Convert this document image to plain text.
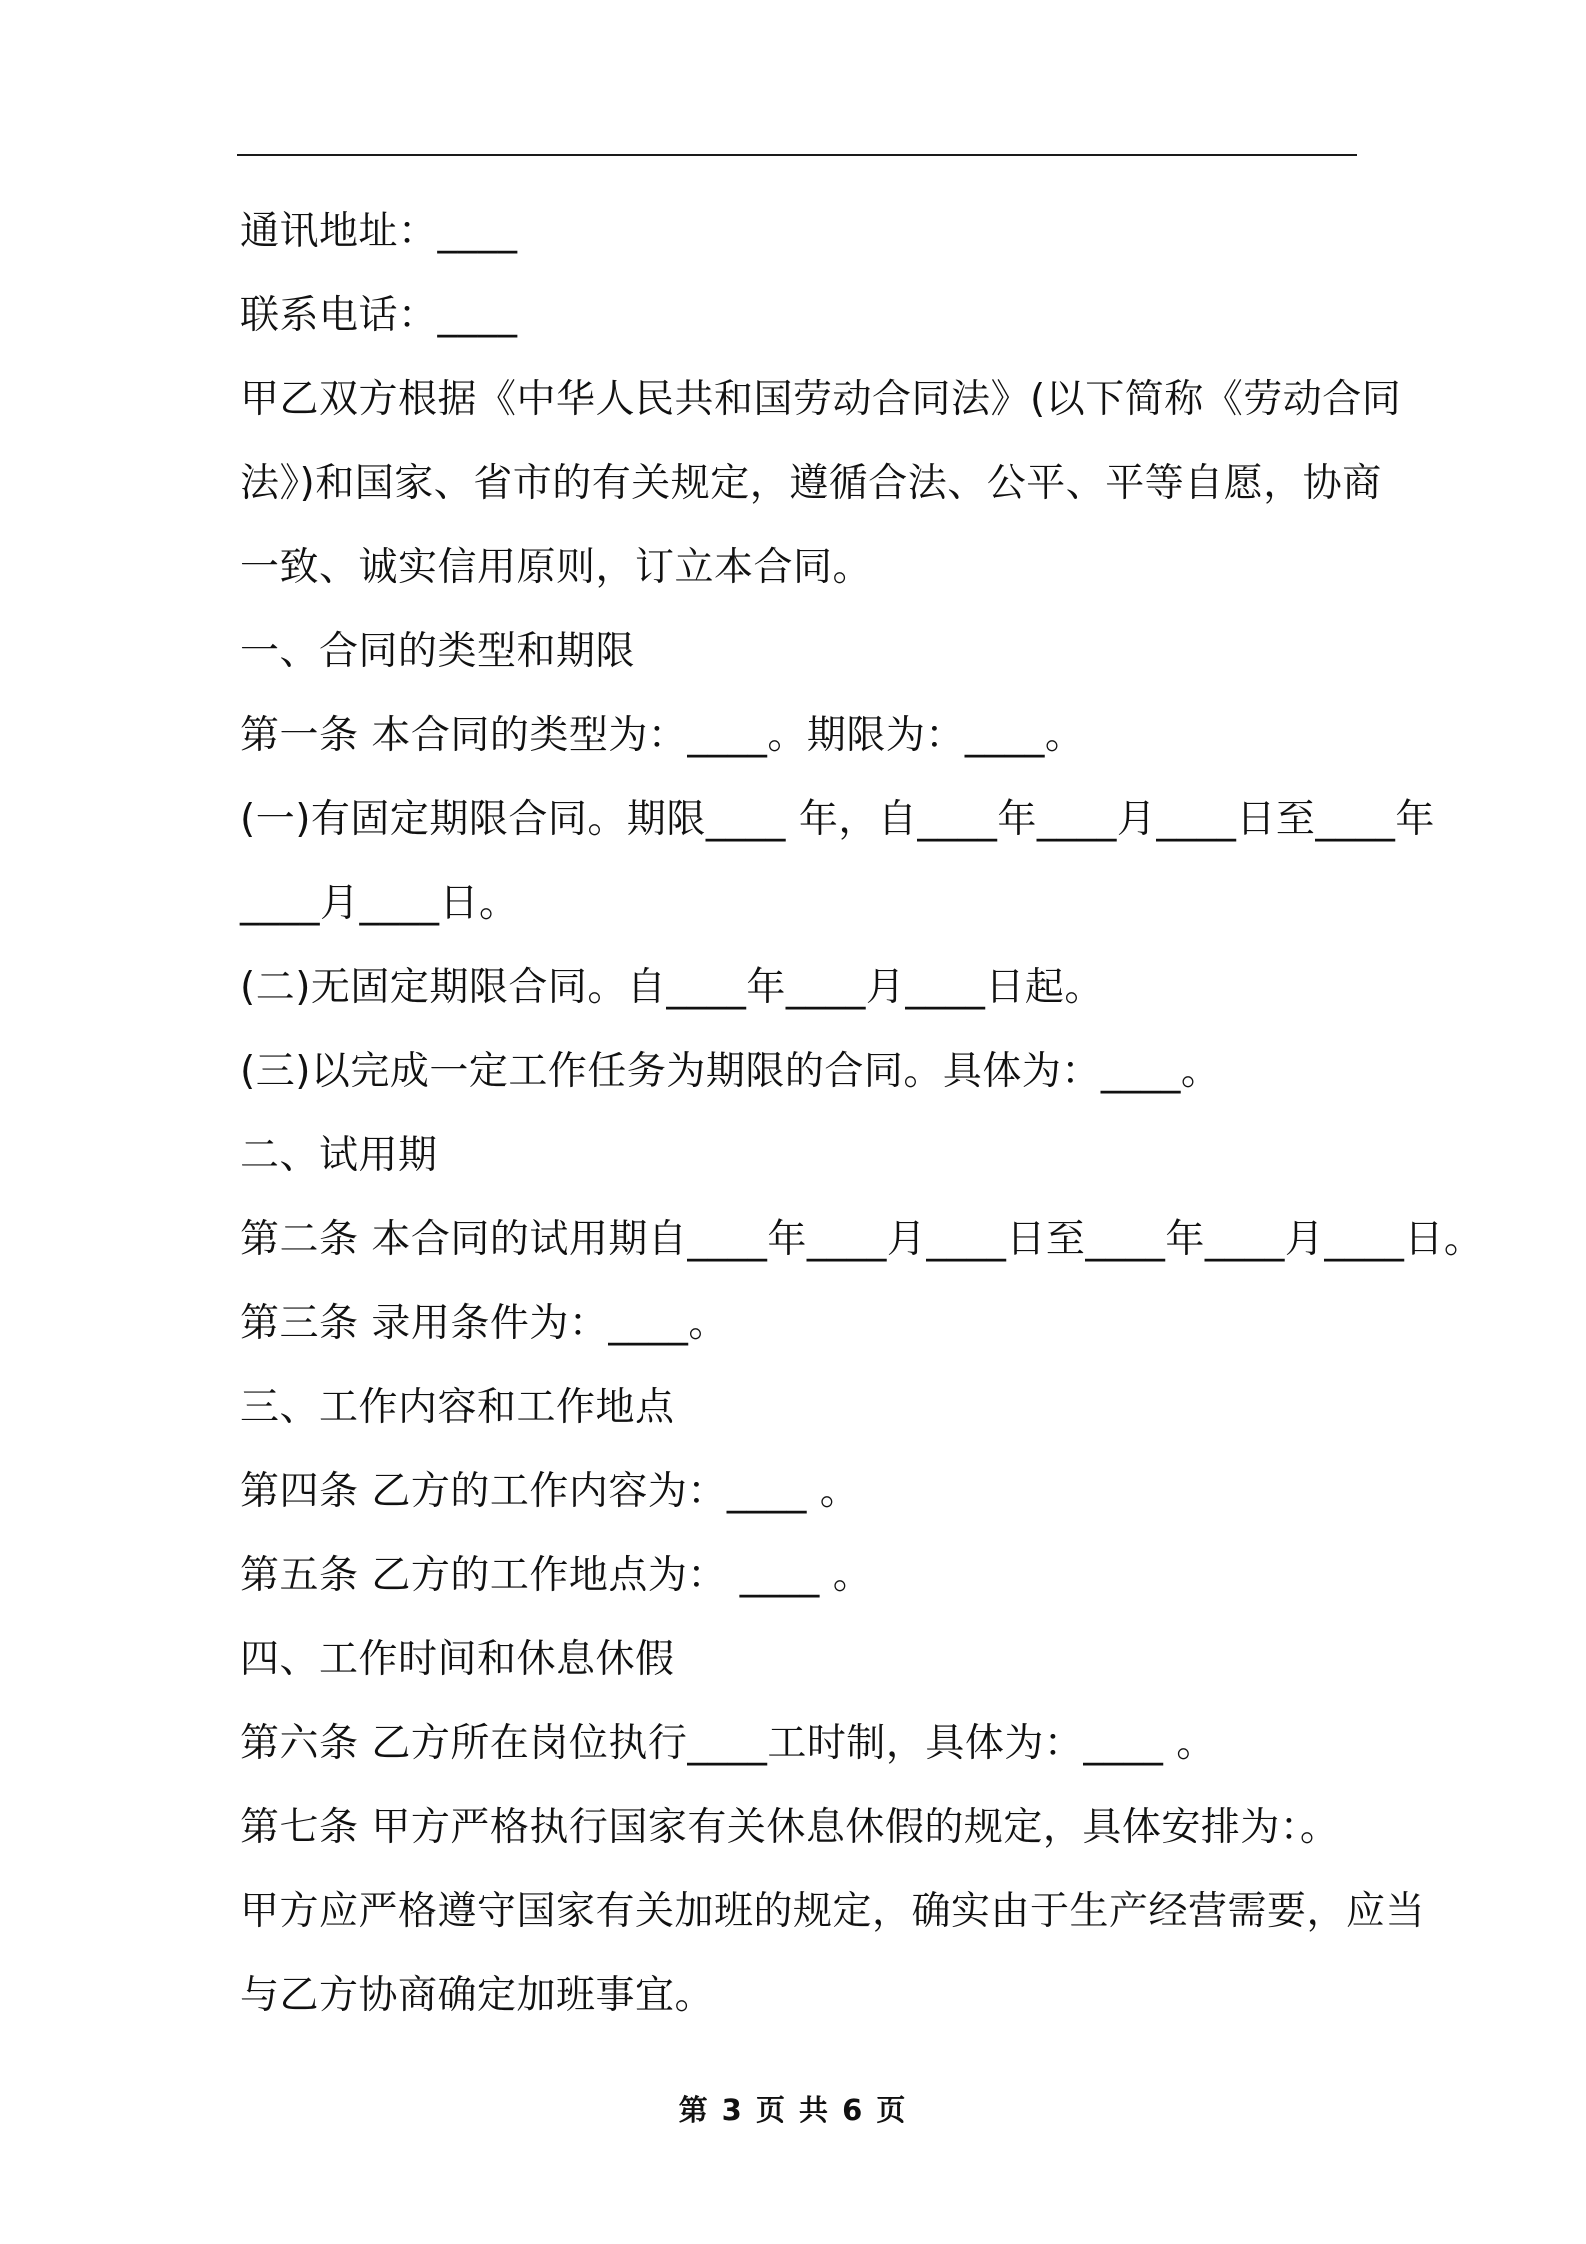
通讯地址：____
联系电话：____
甲乙双方根据《中华人民共和国劳动合同法》(以下简称《劳动合同
法》)和国家、省市的有关规定，遵循合法、公平、平等自愿，协商
一致、诚实信用原则，订立本合同。
一、合同的类型和期限
第一条 本合同的类型为：____。期限为：____。
(一)有固定期限合同。期限____ 年，自____年____月____日至____年
____月____日。
(二)无固定期限合同。自____年____月____日起。
(三)以完成一定工作任务为期限的合同。具体为：____。
二、试用期
第二条 本合同的试用期自____年____月____日至____年____月____日。
第三条 录用条件为：____。
三、工作内容和工作地点
第四条 乙方的工作内容为：____ 。
第五条 乙方的工作地点为： ____ 。
四、工作时间和休息休假
第六条 乙方所在岗位执行____工时制，具体为：____ 。
第七条 甲方严格执行国家有关休息休假的规定，具体安排为：。
甲方应严格遵守国家有关加班的规定，确实由于生产经营需要，应当
与乙方协商确定加班事宜。
第 3 页 共 6 页
